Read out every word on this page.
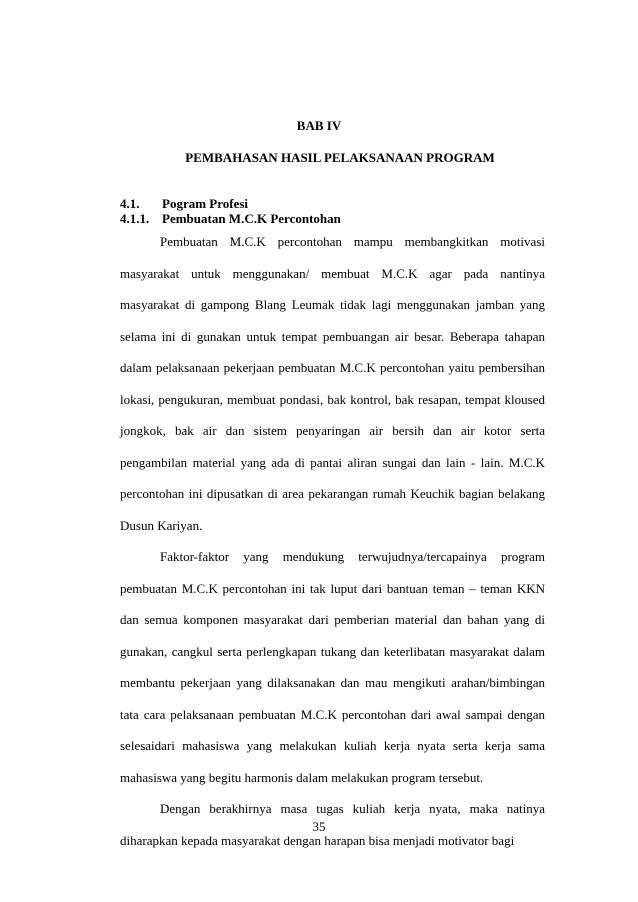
BAB IV
PEMBAHASAN HASIL PELAKSANAAN PROGRAM
4.1. Pogram Profesi
4.1.1. Pembuatan M.C.K Percontohan

Pembuatan M.C.K percontohan mampu membangkitkan motivasi masyarakat untuk menggunakan/ membuat M.C.K agar pada nantinya masyarakat di gampong Blang Leumak tidak lagi menggunakan jamban yang selama ini di gunakan untuk tempat pembuangan air besar. Beberapa tahapan dalam pelaksanaan pekerjaan pembuatan M.C.K percontohan yaitu pembersihan lokasi, pengukuran, membuat pondasi, bak kontrol, bak resapan, tempat kloused jongkok, bak air dan sistem penyaringan air bersih dan air kotor serta pengambilan material yang ada di pantai aliran sungai dan lain - lain. M.C.K percontohan ini dipusatkan di area pekarangan rumah Keuchik bagian belakang Dusun Kariyan.

Faktor-faktor yang mendukung terwujudnya/tercapainya program pembuatan M.C.K percontohan ini tak luput dari bantuan teman – teman KKN dan semua komponen masyarakat dari pemberian material dan bahan yang di gunakan, cangkul serta perlengkapan tukang dan keterlibatan masyarakat dalam membantu pekerjaan yang dilaksanakan dan mau mengikuti arahan/bimbingan tata cara pelaksanaan pembuatan M.C.K percontohan dari awal sampai dengan selesaidari mahasiswa yang melakukan kuliah kerja nyata serta kerja sama mahasiswa yang begitu harmonis dalam melakukan program tersebut.

Dengan berakhirnya masa tugas kuliah kerja nyata, maka natinya diharapkan kepada masyarakat dengan harapan bisa menjadi motivator bagi

35
